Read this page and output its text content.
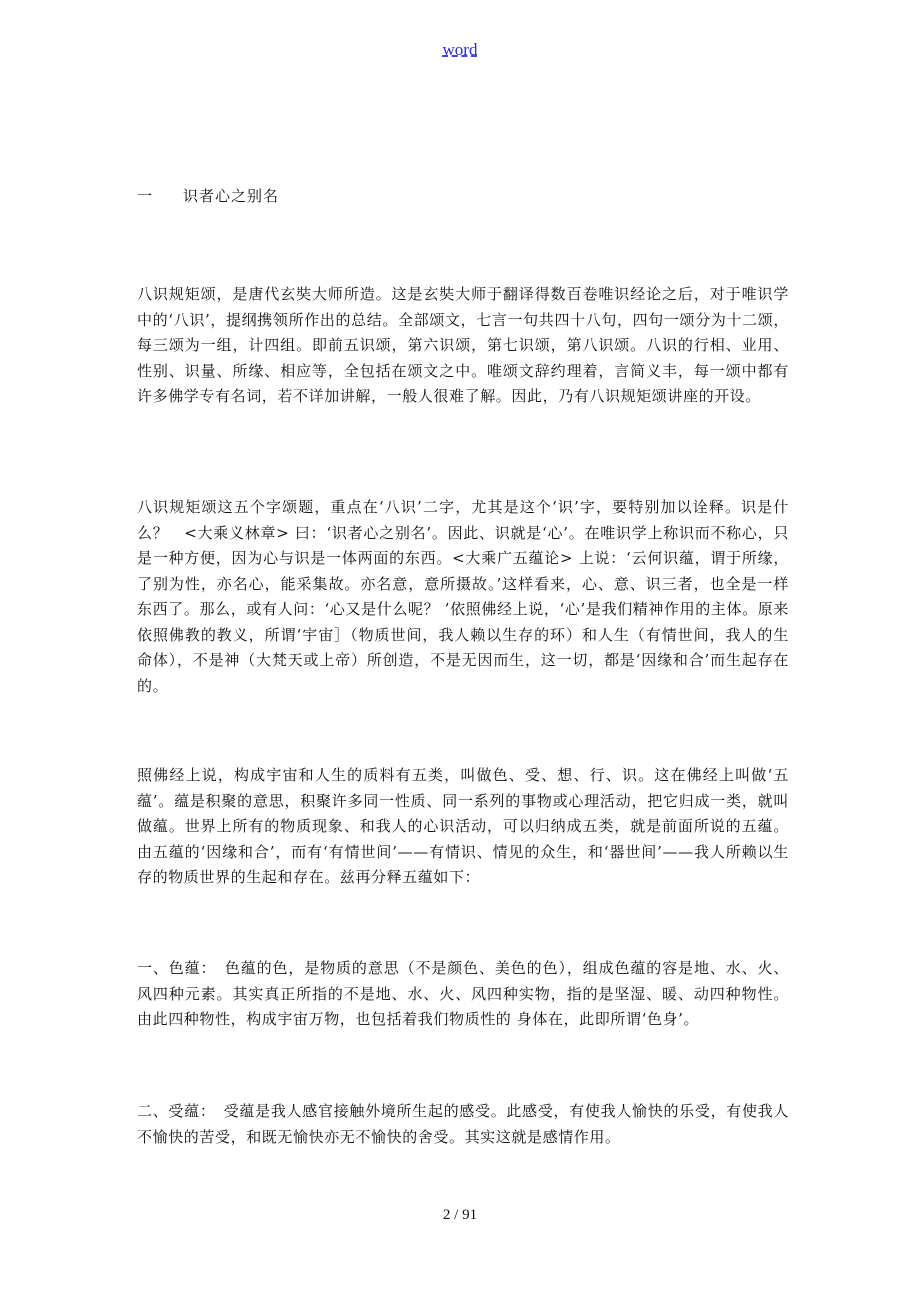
word
一 识者心之别名

八识规矩颂，是唐代玄奘大师所造。这是玄奘大师于翻译得数百卷唯识经论之后，对于唯识学中的‘八识’，提纲携领所作出的总结。全部颂文，七言一句共四十八句，四句一颂分为十二颂，每三颂为一组，计四组。即前五识颂，第六识颂，第七识颂，第八识颂。八识的行相、业用、性别、识量、所缘、相应等，全包括在颂文之中。唯颂文辞约理着，言简义丰，每一颂中都有许多佛学专有名词，若不详加讲解，一般人很难了解。因此，乃有八识规矩颂讲座的开设。

八识规矩颂这五个字颂题，重点在‘八识’二字，尤其是这个‘识’字，要特别加以诠释。识是什么？　<大乘义林章> 曰：‘识者心之别名’。因此、识就是‘心’。在唯识学上称识而不称心，只是一种方便，因为心与识是一体两面的东西。<大乘广五蕴论> 上说：‘云何识蕴，谓于所缘，了别为性，亦名心，能采集故。亦名意，意所摄故。’这样看来，心、意、识三者，也全是一样东西了。那么，或有人问：‘心又是什么呢？ ’依照佛经上说，‘心’是我们精神作用的主体。原来依照佛教的教义，所谓‘宇宙］（物质世间，我人赖以生存的环）和人生（有情世间，我人的生命体），不是神（大梵天或上帝）所创造，不是无因而生，这一切，都是‘因缘和合’而生起存在的。

照佛经上说，构成宇宙和人生的质料有五类，叫做色、受、想、行、识。这在佛经上叫做‘五蕴’。蕴是积聚的意思，积聚许多同一性质、同一系列的事物或心理活动，把它归成一类，就叫做蕴。世界上所有的物质现象、和我人的心识活动，可以归纳成五类，就是前面所说的五蕴。由五蕴的‘因缘和合’，而有‘有情世间’——有情识、情见的众生，和‘器世间’——我人所赖以生存的物质世界的生起和存在。兹再分释五蕴如下：

一、色蕴：　色蕴的色，是物质的意思（不是颜色、美色的色），组成色蕴的容是地、水、火、风四种元素。其实真正所指的不是地、水、火、风四种实物，指的是坚湿、暖、动四种物性。由此四种物性，构成宇宙万物，也包括着我们物质性的 身体在，此即所谓‘色身’。

二、受蕴：　受蕴是我人感官接触外境所生起的感受。此感受，有使我人愉快的乐受，有使我人不愉快的苦受，和既无愉快亦无不愉快的舍受。其实这就是感情作用。

2 / 91
